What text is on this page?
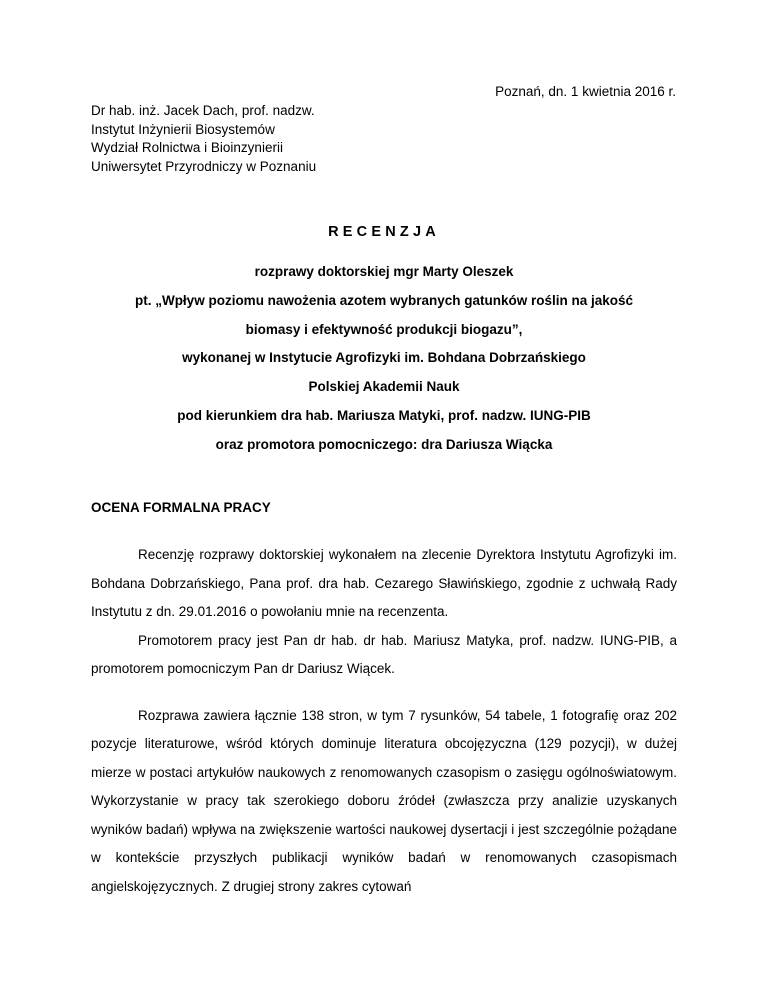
Poznań, dn. 1 kwietnia 2016 r.
Dr hab. inż. Jacek Dach, prof. nadzw.
Instytut Inżynierii Biosystemów
Wydział Rolnictwa i Bioinzynierii
Uniwersytet Przyrodniczy w Poznaniu
RECENZJA
rozprawy doktorskiej mgr Marty Oleszek
pt. „Wpływ poziomu nawożenia azotem wybranych gatunków roślin na jakość
biomasy i efektywność produkcji biogazu”,
wykonanej w Instytucie Agrofizyki im. Bohdana Dobrzańskiego
Polskiej Akademii Nauk
pod kierunkiem dra hab. Mariusza Matyki, prof. nadzw. IUNG-PIB
oraz promotora pomocniczego: dra Dariusza Wiącka
OCENA FORMALNA PRACY

Recenzję rozprawy doktorskiej wykonałem na zlecenie Dyrektora Instytutu Agrofizyki im. Bohdana Dobrzańskiego, Pana prof. dra hab. Cezarego Sławińskiego, zgodnie z uchwałą Rady Instytutu z dn. 29.01.2016 o powołaniu mnie na recenzenta.

Promotorem pracy jest Pan dr hab. dr hab. Mariusz Matyka, prof. nadzw. IUNG-PIB, a promotorem pomocniczym Pan dr Dariusz Wiącek.

Rozprawa zawiera łącznie 138 stron, w tym 7 rysunków, 54 tabele, 1 fotografię oraz 202 pozycje literaturowe, wśród których dominuje literatura obcojęzyczna (129 pozycji), w dużej mierze w postaci artykułów naukowych z renomowanych czasopism o zasięgu ogólnoświatowym. Wykorzystanie w pracy tak szerokiego doboru źródeł (zwłaszcza przy analizie uzyskanych wyników badań) wpływa na zwiększenie wartości naukowej dysertacji i jest szczególnie pożądane w kontekście przyszłych publikacji wyników badań w renomowanych czasopismach angielskojęzycznych. Z drugiej strony zakres cytowań
